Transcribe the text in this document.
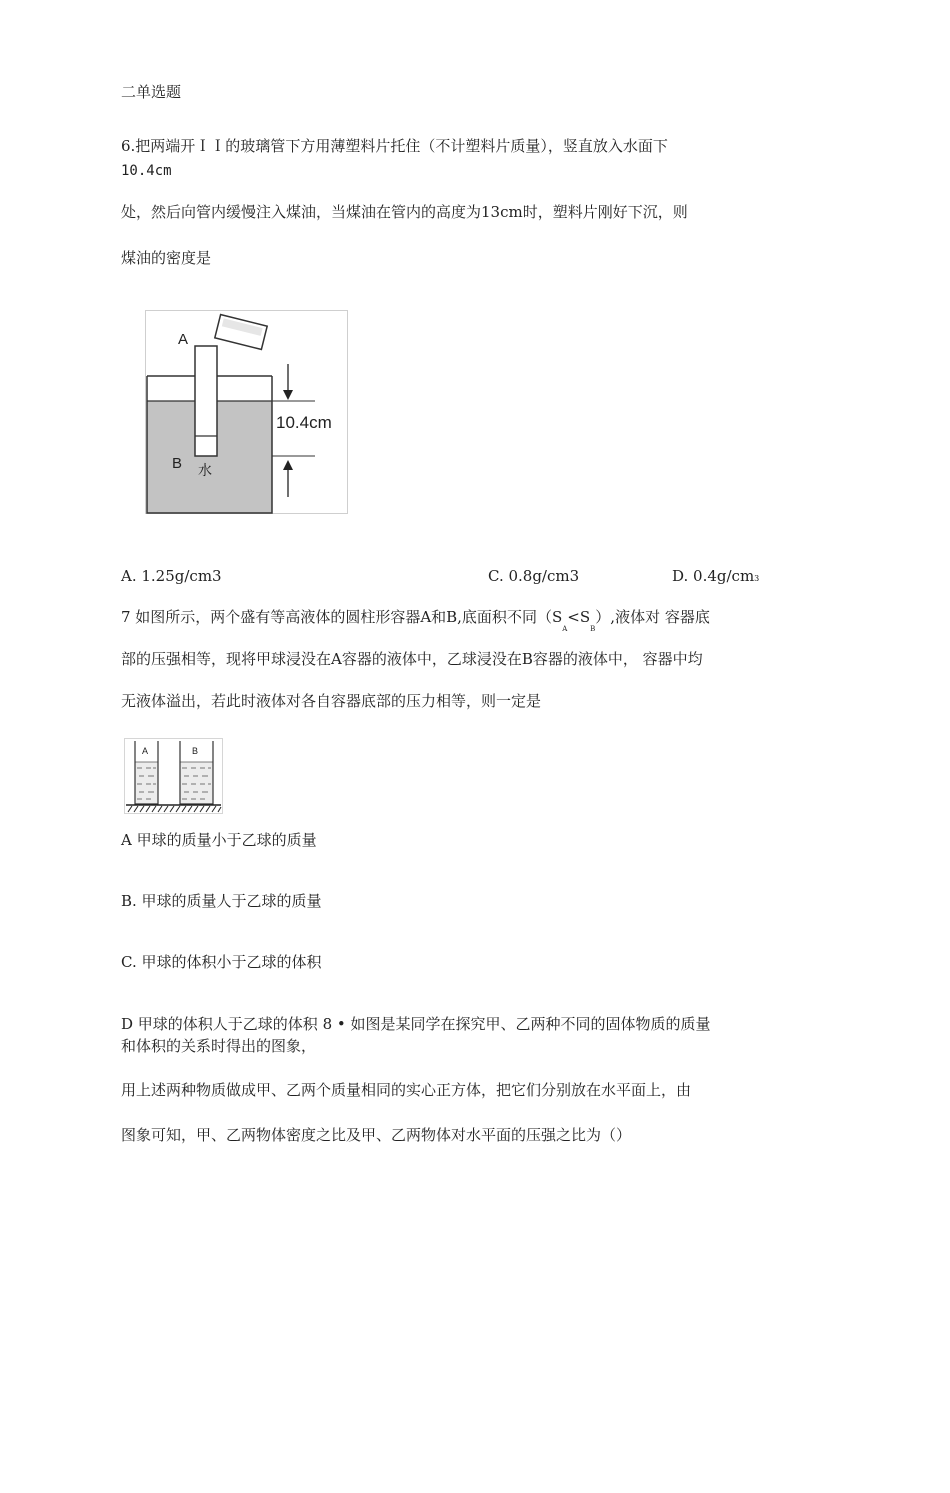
二单选题
6.把两端开ＩＩ的玻璃管下方用薄塑料片托住（不计塑料片质量），竖直放入水面下
10.4cm
处，然后向管内缓慢注入煤油，当煤油在管内的高度为13cm时，塑料片刚好下沉，则
煤油的密度是
A
B 水
10.4cm
A. 1.25g/cm3	C. 0.8g/cm3	D. 0.4g/cm3
7 如图所示，两个盛有等高液体的圆柱形容器A和B,底面积不同$(S_A<S_B)$,液体对 容器底
部的压强相等，现将甲球浸没在A容器的液体中，乙球浸没在B容器的液体中， 容器中均
无液体溢出，若此时液体对各自容器底部的压力相等，则一定是
A	B
A 甲球的质量小于乙球的质量
B. 甲球的质量人于乙球的质量
C. 甲球的体积小于乙球的体积
D 甲球的体积人于乙球的体积 8 • 如图是某同学在探究甲、乙两种不同的固体物质的质量
和体积的关系时得出的图象，
用上述两种物质做成甲、乙两个质量相同的实心正方体，把它们分别放在水平面上，由
图象可知，甲、乙两物体密度之比及甲、乙两物体对水平面的压强之比为（）
